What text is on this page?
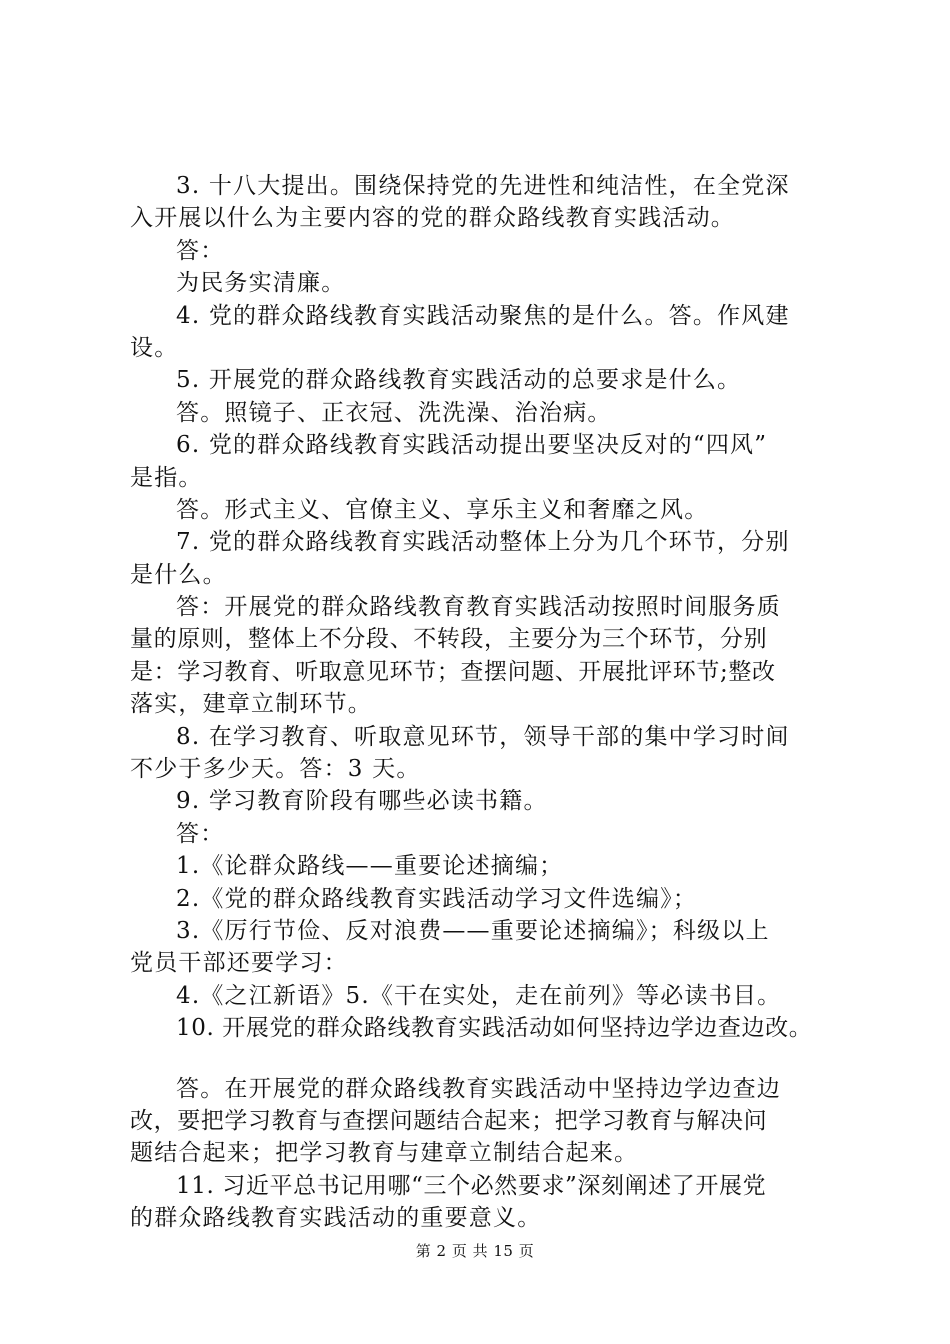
3. 十八大提出。围绕保持党的先进性和纯洁性，在全党深
入开展以什么为主要内容的党的群众路线教育实践活动。
答：
为民务实清廉。
4. 党的群众路线教育实践活动聚焦的是什么。答。作风建
设。
5. 开展党的群众路线教育实践活动的总要求是什么。
答。照镜子、正衣冠、洗洗澡、治治病。
6. 党的群众路线教育实践活动提出要坚决反对的“四风”
是指。
答。形式主义、官僚主义、享乐主义和奢靡之风。
7. 党的群众路线教育实践活动整体上分为几个环节，分别
是什么。
答：开展党的群众路线教育教育实践活动按照时间服务质
量的原则，整体上不分段、不转段，主要分为三个环节，分别
是：学习教育、听取意见环节；查摆问题、开展批评环节;整改
落实，建章立制环节。
8. 在学习教育、听取意见环节，领导干部的集中学习时间
不少于多少天。答：3 天。
9. 学习教育阶段有哪些必读书籍。
答：
1.《论群众路线——重要论述摘编；
2.《党的群众路线教育实践活动学习文件选编》；
3.《厉行节俭、反对浪费——重要论述摘编》；科级以上
党员干部还要学习：
4.《之江新语》5.《干在实处，走在前列》等必读书目。
10. 开展党的群众路线教育实践活动如何坚持边学边查边改。
答。在开展党的群众路线教育实践活动中坚持边学边查边
改，要把学习教育与查摆问题结合起来；把学习教育与解决问
题结合起来；把学习教育与建章立制结合起来。
11. 习近平总书记用哪“三个必然要求”深刻阐述了开展党
的群众路线教育实践活动的重要意义。
第 2 页 共 15 页
